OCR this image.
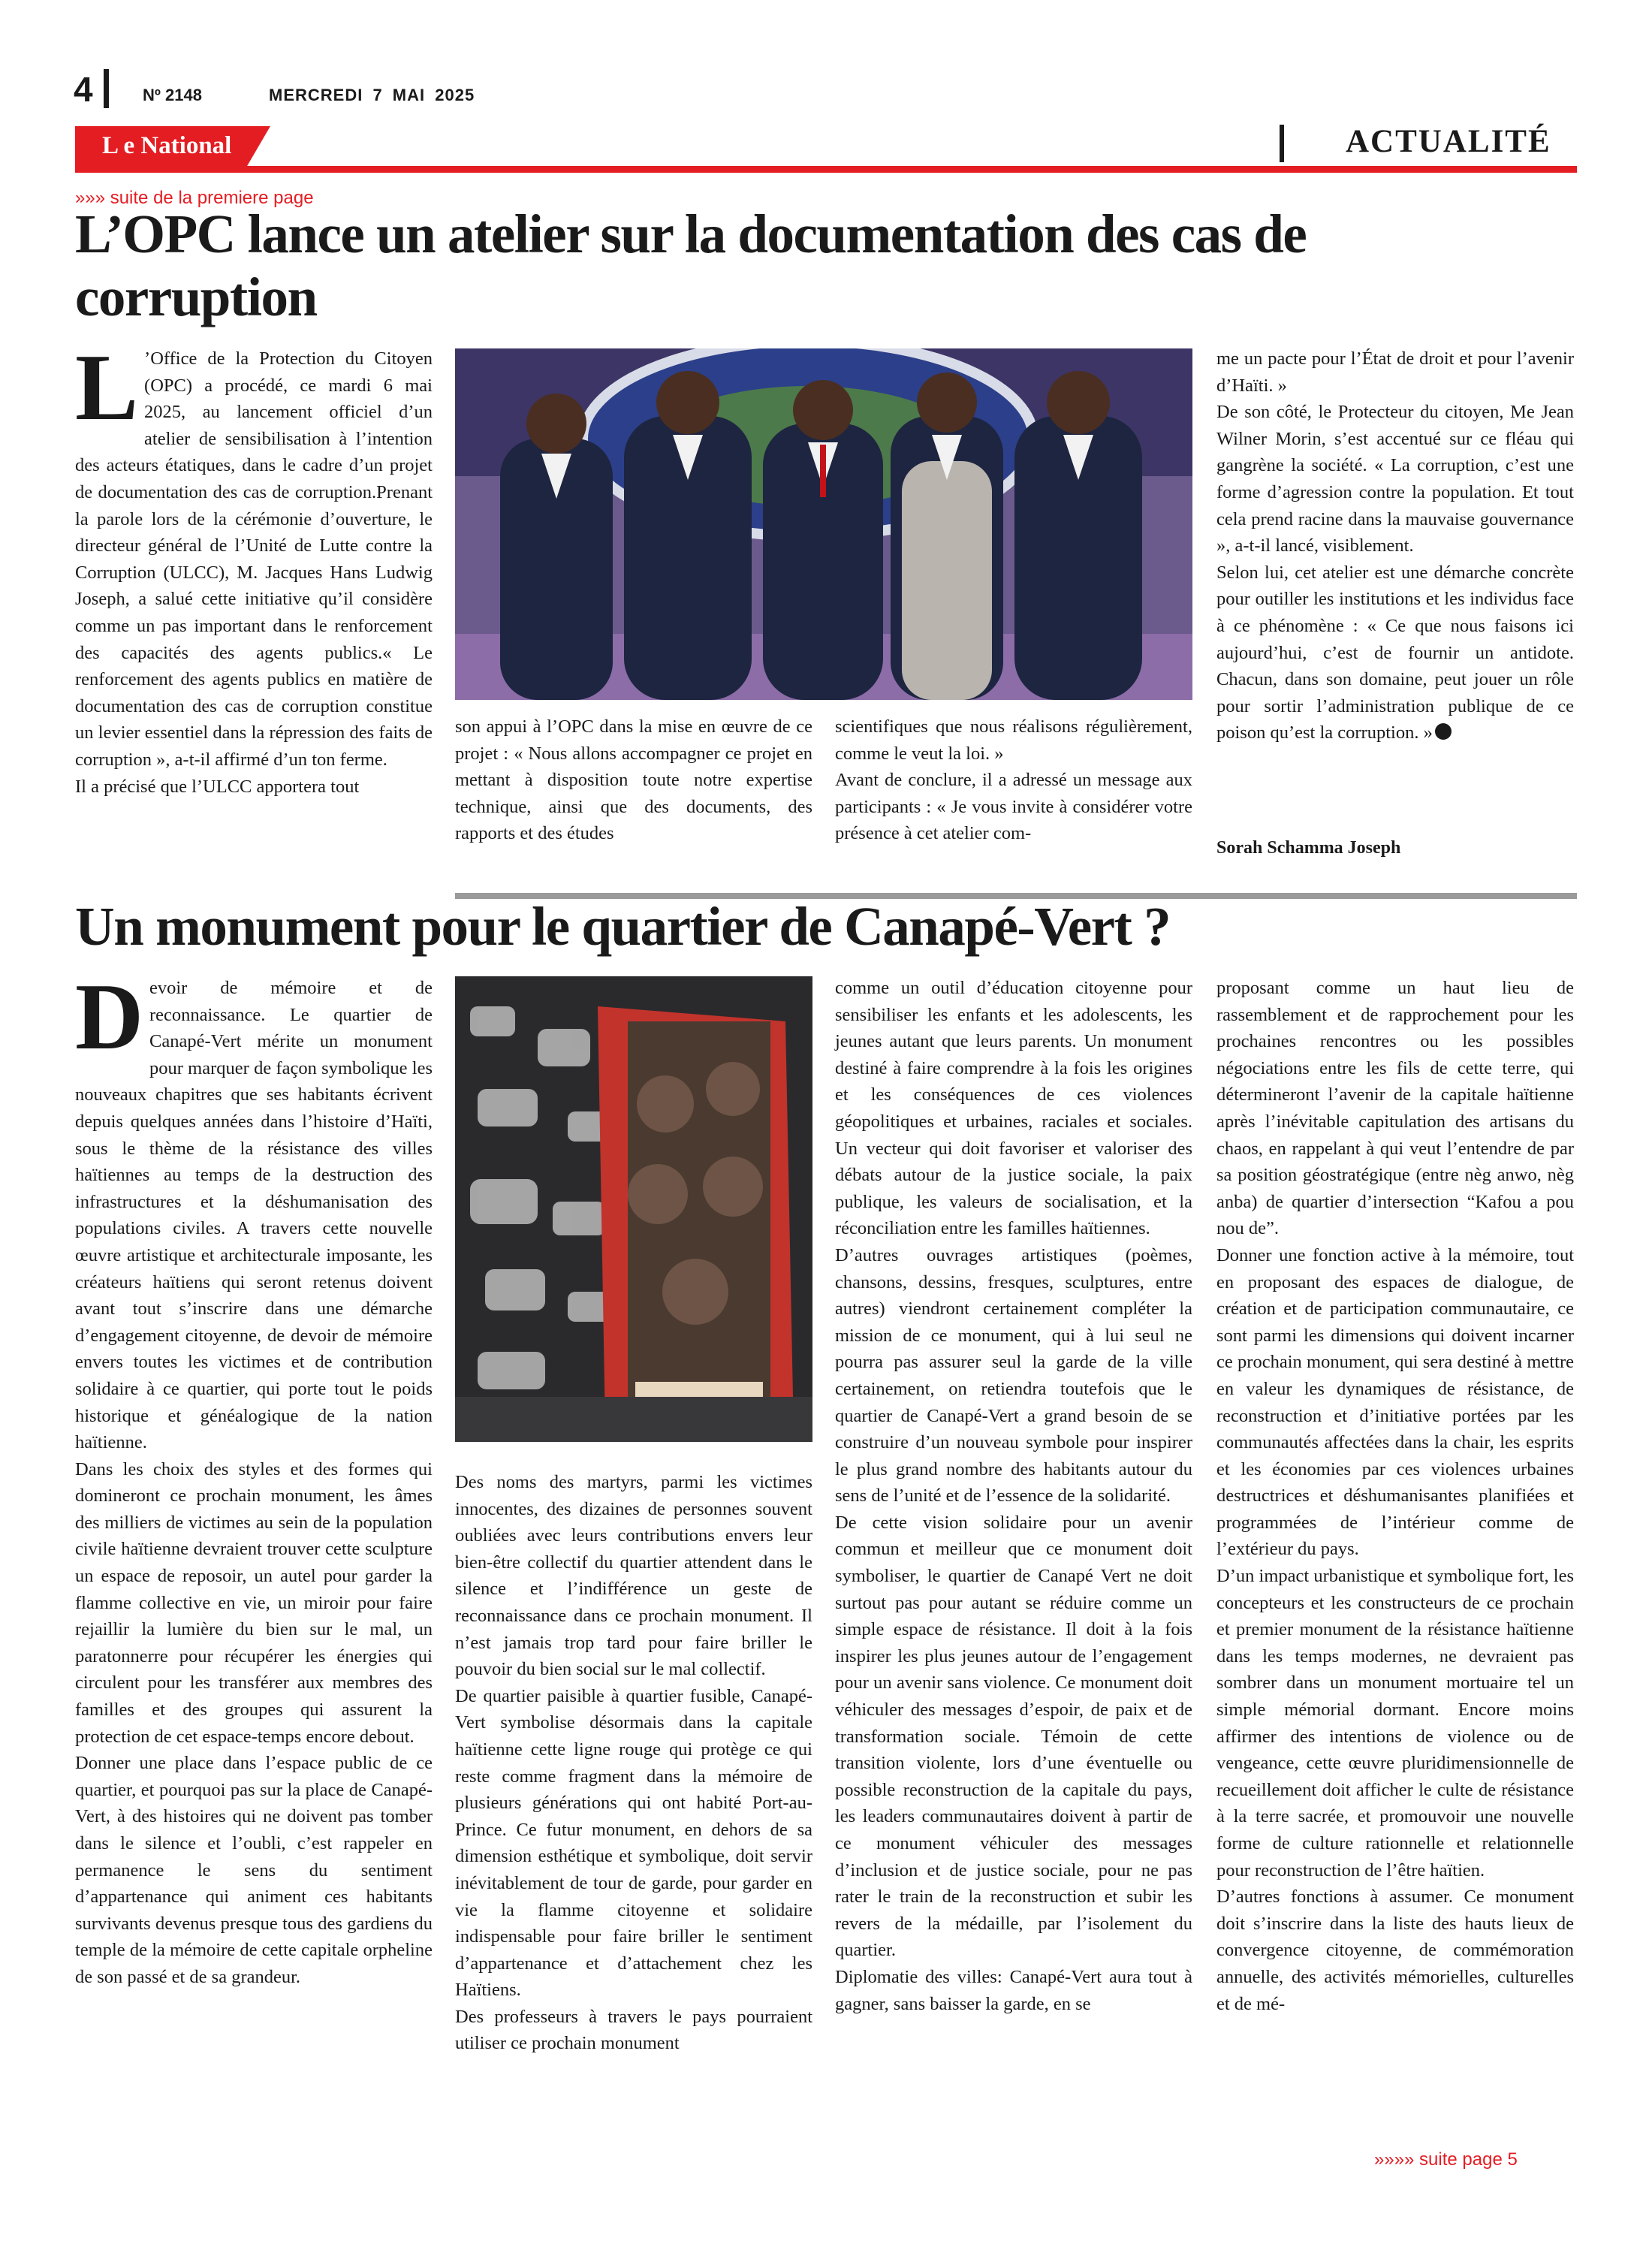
4	Nº 2148	MERCREDI 7 MAI 2025
L e National	ACTUALITÉ
»»» suite de la premiere page
L’OPC lance un atelier sur la documentation des cas de corruption
L ’Office de la Protection du Citoyen (OPC) a procédé, ce mardi 6 mai 2025, au lancement officiel d’un atelier de sensibilisation à l’intention des acteurs étatiques, dans le cadre d’un projet de documentation des cas de corruption.Prenant la parole lors de la cérémonie d’ouverture, le directeur général de l’Unité de Lutte contre la Corruption (ULCC), M. Jacques Hans Ludwig Joseph, a salué cette initiative qu’il considère comme un pas important dans le renforcement des capacités des agents publics.« Le renforcement des agents publics en matière de documentation des cas de corruption constitue un levier essentiel dans la répression des faits de corruption », a-t-il affirmé d’un ton ferme.

Il a précisé que l’ULCC apportera tout

son appui à l’OPC dans la mise en œuvre de ce projet : « Nous allons accompagner ce projet en mettant à disposition toute notre expertise technique, ainsi que des documents, des rapports et des études

scientifiques que nous réalisons régulièrement, comme le veut la loi. »

Avant de conclure, il a adressé un message aux participants : « Je vous invite à considérer votre présence à cet atelier com-

me un pacte pour l’État de droit et pour l’avenir d’Haïti. »

De son côté, le Protecteur du citoyen, Me Jean Wilner Morin, s’est accentué sur ce fléau qui gangrène la société. « La corruption, c’est une forme d’agression contre la population. Et tout cela prend racine dans la mauvaise gouvernance », a-t-il lancé, visiblement.

Selon lui, cet atelier est une démarche concrète pour outiller les institutions et les individus face à ce phénomène : « Ce que nous faisons ici aujourd’hui, c’est de fournir un antidote. Chacun, dans son domaine, peut jouer un rôle pour sortir l’administration publique de ce poison qu’est la corruption. »

Sorah Schamma Joseph
Un monument pour le quartier de Canapé-Vert ?
D evoir de mémoire et de reconnaissance. Le quartier de Canapé-Vert mérite un monument pour marquer de façon symbolique les nouveaux chapitres que ses habitants écrivent depuis quelques années dans l’histoire d’Haïti, sous le thème de la résistance des villes haïtiennes au temps de la destruction des infrastructures et la déshumanisation des populations civiles. A travers cette nouvelle œuvre artistique et architecturale imposante, les créateurs haïtiens qui seront retenus doivent avant tout s’inscrire dans une démarche d’engagement citoyenne, de devoir de mémoire envers toutes les victimes et de contribution solidaire à ce quartier, qui porte tout le poids historique et généalogique de la nation haïtienne.

Dans les choix des styles et des formes qui domineront ce prochain monument, les âmes des milliers de victimes au sein de la population civile haïtienne devraient trouver cette sculpture un espace de reposoir, un autel pour garder la flamme collective en vie, un miroir pour faire rejaillir la lumière du bien sur le mal, un paratonnerre pour récupérer les énergies qui circulent pour les transférer aux membres des familles et des groupes qui assurent la protection de cet espace-temps encore debout.

Donner une place dans l’espace public de ce quartier, et pourquoi pas sur la place de Canapé-Vert, à des histoires qui ne doivent pas tomber dans le silence et l’oubli, c’est rappeler en permanence le sens du sentiment d’appartenance qui animent ces habitants survivants devenus presque tous des gardiens du temple de la mémoire de cette capitale orpheline de son passé et de sa grandeur.

Des noms des martyrs, parmi les victimes innocentes, des dizaines de personnes souvent oubliées avec leurs contributions envers leur bien-être collectif du quartier attendent dans le silence et l’indifférence un geste de reconnaissance dans ce prochain monument. Il n’est jamais trop tard pour faire briller le pouvoir du bien social sur le mal collectif.

De quartier paisible à quartier fusible, Canapé-Vert symbolise désormais dans la capitale haïtienne cette ligne rouge qui protège ce qui reste comme fragment dans la mémoire de plusieurs générations qui ont habité Port-au-Prince. Ce futur monument, en dehors de sa dimension esthétique et symbolique, doit servir inévitablement de tour de garde, pour garder en vie la flamme citoyenne et solidaire indispensable pour faire briller le sentiment d’appartenance et d’attachement chez les Haïtiens.

Des professeurs à travers le pays pourraient utiliser ce prochain monument

comme un outil d’éducation citoyenne pour sensibiliser les enfants et les adolescents, les jeunes autant que leurs parents. Un monument destiné à faire comprendre à la fois les origines et les conséquences de ces violences géopolitiques et urbaines, raciales et sociales. Un vecteur qui doit favoriser et valoriser des débats autour de la justice sociale, la paix publique, les valeurs de socialisation, et la réconciliation entre les familles haïtiennes.

D’autres ouvrages artistiques (poèmes, chansons, dessins, fresques, sculptures, entre autres) viendront certainement compléter la mission de ce monument, qui à lui seul ne pourra pas assurer seul la garde de la ville certainement, on retiendra toutefois que le quartier de Canapé-Vert a grand besoin de se construire d’un nouveau symbole pour inspirer le plus grand nombre des habitants autour du sens de l’unité et de l’essence de la solidarité.

De cette vision solidaire pour un avenir commun et meilleur que ce monument doit symboliser, le quartier de Canapé Vert ne doit surtout pas pour autant se réduire comme un simple espace de résistance. Il doit à la fois inspirer les plus jeunes autour de l’engagement pour un avenir sans violence. Ce monument doit véhiculer des messages d’espoir, de paix et de transformation sociale. Témoin de cette transition violente, lors d’une éventuelle ou possible reconstruction de la capitale du pays, les leaders communautaires doivent à partir de ce monument véhiculer des messages d’inclusion et de justice sociale, pour ne pas rater le train de la reconstruction et subir les revers de la médaille, par l’isolement du quartier.

Diplomatie des villes: Canapé-Vert aura tout à gagner, sans baisser la garde, en se

proposant comme un haut lieu de rassemblement et de rapprochement pour les prochaines rencontres ou les possibles négociations entre les fils de cette terre, qui détermineront l’avenir de la capitale haïtienne après l’inévitable capitulation des artisans du chaos, en rappelant à qui veut l’entendre de par sa position géostratégique (entre nèg anwo, nèg anba) de quartier d’intersection “Kafou a pou nou de”.

Donner une fonction active à la mémoire, tout en proposant des espaces de dialogue, de création et de participation communautaire, ce sont parmi les dimensions qui doivent incarner ce prochain monument, qui sera destiné à mettre en valeur les dynamiques de résistance, de reconstruction et d’initiative portées par les communautés affectées dans la chair, les esprits et les économies par ces violences urbaines destructrices et déshumanisantes planifiées et programmées de l’intérieur comme de l’extérieur du pays.

D’un impact urbanistique et symbolique fort, les concepteurs et les constructeurs de ce prochain et premier monument de la résistance haïtienne dans les temps modernes, ne devraient pas sombrer dans un monument mortuaire tel un simple mémorial dormant. Encore moins affirmer des intentions de violence ou de vengeance, cette œuvre pluridimensionnelle de recueillement doit afficher le culte de résistance à la terre sacrée, et promouvoir une nouvelle forme de culture rationnelle et relationnelle pour reconstruction de l’être haïtien.

D’autres fonctions à assumer. Ce monument doit s’inscrire dans la liste des hauts lieux de convergence citoyenne, de commémoration annuelle, des activités mémorielles, culturelles et de mé-

»»»» suite page 5
